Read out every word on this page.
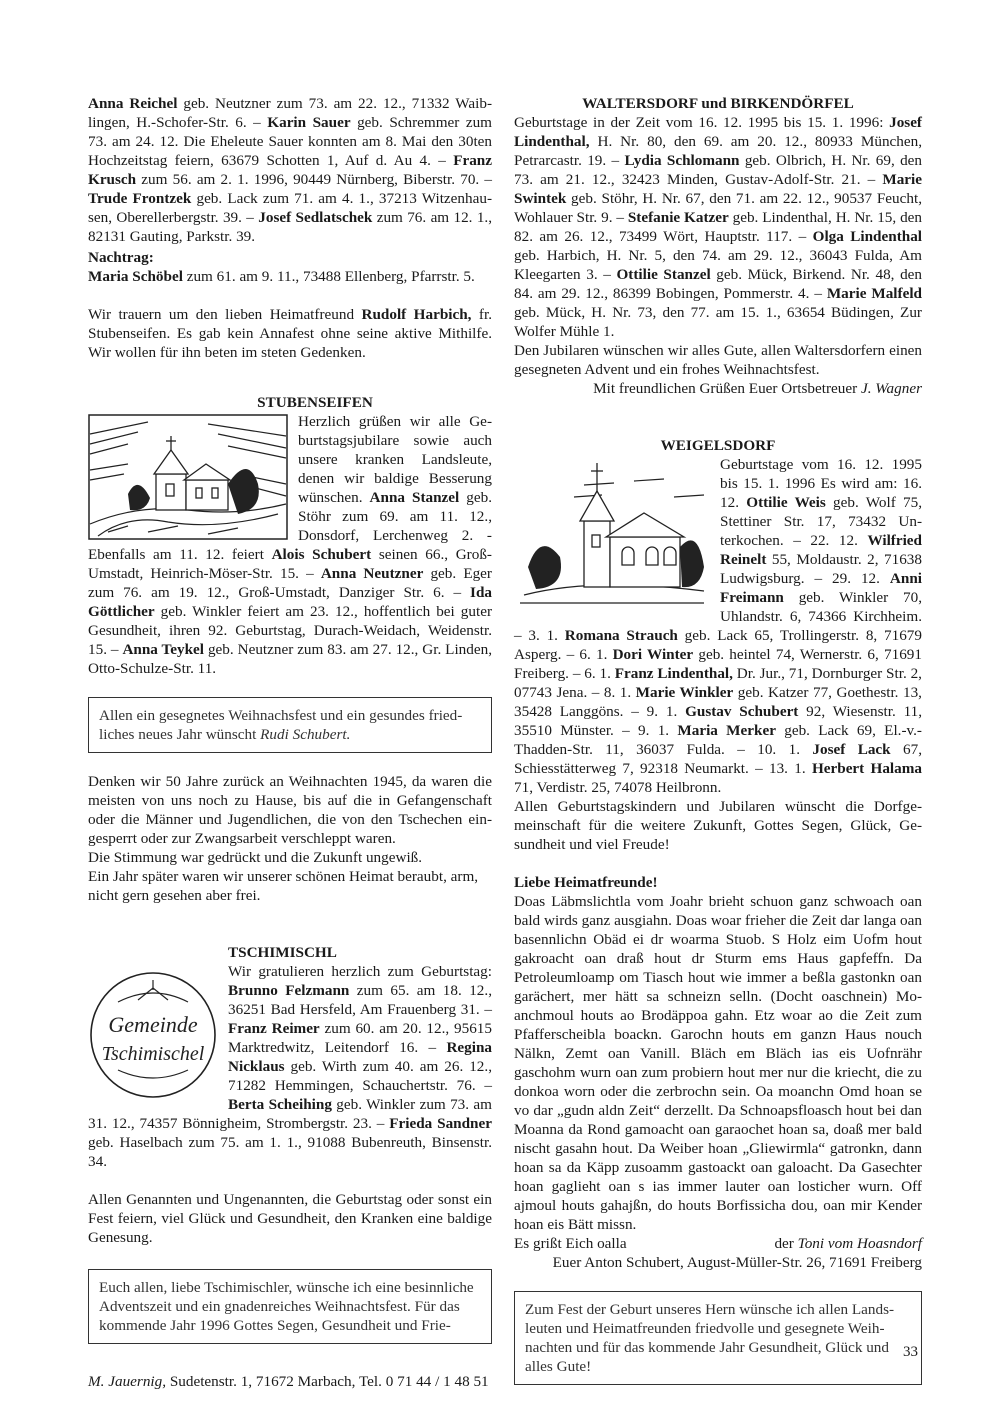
Anna Reichel geb. Neutzner zum 73. am 22. 12., 71332 Waiblingen, H.-Schofer-Str. 6. – Karin Sauer geb. Schremmer zum 73. am 24. 12. Die Eheleute Sauer konnten am 8. Mai den 30ten Hochzeitstag feiern, 63679 Schotten 1, Auf d. Au 4. – Franz Krusch zum 56. am 2. 1. 1996, 90449 Nürnberg, Biberstr. 70. – Trude Frontzek geb. Lack zum 71. am 4. 1., 37213 Witzenhausen, Oberellerbergstr. 39. – Josef Sedlatschek zum 76. am 12. 1., 82131 Gauting, Parkstr. 39.

Nachtrag:

Maria Schöbel zum 61. am 9. 11., 73488 Ellenberg, Pfarrstr. 5.

Wir trauern um den lieben Heimatfreund Rudolf Harbich, fr. Stubenseifen. Es gab kein Annafest ohne seine aktive Mithilfe. Wir wollen für ihn beten im steten Gedenken.

STUBENSEIFEN

Herzlich grüßen wir alle Geburtstagsjubilare sowie auch unsere kranken Landsleute, denen wir baldige Besserung wünschen. Anna Stanzel geb. Stöhr zum 69. am 11. 12., Donsdorf, Lerchenweg 2. - Ebenfalls am 11. 12. feiert Alois Schubert seinen 66., Groß-Umstadt, Heinrich-Möser-Str. 15. – Anna Neutzner geb. Eger zum 76. am 19. 12., Groß-Umstadt, Danziger Str. 6. – Ida Göttlicher geb. Winkler feiert am 23. 12., hoffentlich bei guter Gesundheit, ihren 92. Geburtstag, Durach-Weidach, Weidenstr. 15. – Anna Teykel geb. Neutzner zum 83. am 27. 12., Gr. Linden, Otto-Schulze-Str. 11.

Allen ein gesegnetes Weihnachsfest und ein gesundes friedliches neues Jahr wünscht Rudi Schubert.

Denken wir 50 Jahre zurück an Weihnachten 1945, da waren die meisten von uns noch zu Hause, bis auf die in Gefangenschaft oder die Männer und Jugendlichen, die von den Tschechen eingesperrt oder zur Zwangsarbeit verschleppt waren.

Die Stimmung war gedrückt und die Zukunft ungewiß.

Ein Jahr später waren wir unserer schönen Heimat beraubt, arm, nicht gern gesehen aber frei.

TSCHIMISCHL

Gemeinde
Tschimischel

Wir gratulieren herzlich zum Geburtstag: Brunno Felzmann zum 65. am 18. 12., 36251 Bad Hersfeld, Am Frauenberg 31. – Franz Reimer zum 60. am 20. 12., 95615 Marktredwitz, Leitendorf 16. – Regina Nicklaus geb. Wirth zum 40. am 26. 12., 71282 Hemmingen, Schauchertstr. 76. – Berta Scheihing geb. Winkler zum 73. am 31. 12., 74357 Bönnigheim, Strombergstr. 23. – Frieda Sandner geb. Haselbach zum 75. am 1. 1., 91088 Bubenreuth, Binsenstr. 34.

Allen Genannten und Ungenannten, die Geburtstag oder sonst ein Fest feiern, viel Glück und Gesundheit, den Kranken eine baldige Genesung.

Euch allen, liebe Tschimischler, wünsche ich eine besinnliche Adventszeit und ein gnadenreiches Weihnachtsfest. Für das kommende Jahr 1996 Gottes Segen, Gesundheit und Frie-

M. Jauernig, Sudetenstr. 1, 71672 Marbach, Tel. 0 71 44 / 1 48 51

WALTERSDORF und BIRKENDÖRFEL

Geburtstage in der Zeit vom 16. 12. 1995 bis 15. 1. 1996: Josef Lindenthal, H. Nr. 80, den 69. am 20. 12., 80933 München, Petrarcastr. 19. – Lydia Schlomann geb. Olbrich, H. Nr. 69, den 73. am 21. 12., 32423 Minden, Gustav-Adolf-Str. 21. – Marie Swintek geb. Stöhr, H. Nr. 67, den 71. am 22. 12., 90537 Feucht, Wohlauer Str. 9. – Stefanie Katzer geb. Lindenthal, H. Nr. 15, den 82. am 26. 12., 73499 Wört, Hauptstr. 117. – Olga Lindenthal geb. Harbich, H. Nr. 5, den 74. am 29. 12., 36043 Fulda, Am Kleegarten 3. – Ottilie Stanzel geb. Mück, Birkend. Nr. 48, den 84. am 29. 12., 86399 Bobingen, Pommerstr. 4. – Marie Malfeld geb. Mück, H. Nr. 73, den 77. am 15. 1., 63654 Büdingen, Zur Wolfer Mühle 1.

Den Jubilaren wünschen wir alles Gute, allen Waltersdorfern einen gesegneten Advent und ein frohes Weihnachtsfest.

Mit freundlichen Grüßen Euer Ortsbetreuer J. Wagner

WEIGELSDORF

Geburtstage vom 16. 12. 1995 bis 15. 1. 1996 Es wird am: 16. 12. Ottilie Weis geb. Wolf 75, Stettiner Str. 17, 73432 Unterkochen. – 22. 12. Wilfried Reinelt 55, Moldaustr. 2, 71638 Ludwigsburg. – 29. 12. Anni Freimann geb. Winkler 70, Uhlandstr. 6, 74366 Kirchheim. – 3. 1. Romana Strauch geb. Lack 65, Trollingerstr. 8, 71679 Asperg. – 6. 1. Dori Winter geb. heintel 74, Wernerstr. 6, 71691 Freiberg. – 6. 1. Franz Lindenthal, Dr. Jur., 71, Dornburger Str. 2, 07743 Jena. – 8. 1. Marie Winkler geb. Katzer 77, Goethestr. 13, 35428 Langgöns. – 9. 1. Gustav Schubert 92, Wiesenstr. 11, 35510 Münster. – 9. 1. Maria Merker geb. Lack 69, El.-v.-Thadden-Str. 11, 36037 Fulda. – 10. 1. Josef Lack 67, Schiesstätterweg 7, 92318 Neumarkt. – 13. 1. Herbert Halama 71, Verdistr. 25, 74078 Heilbronn.

Allen Geburtstagskindern und Jubilaren wünscht die Dorfgemeinschaft für die weitere Zukunft, Gottes Segen, Glück, Gesundheit und viel Freude!

Liebe Heimatfreunde!

Doas Läbmslichtla vom Joahr brieht schuon ganz schwoach oan bald wirds ganz ausgiahn. Doas woar frieher die Zeit dar langa oan basennlichn Obäd ei dr woarma Stuob. S Holz eim Uofm hout gakroacht oan draß hout dr Sturm ems Haus gapfeffn. Da Petroleumloamp om Tiasch hout wie immer a beßla gastonkn oan garächert, mer hätt sa schneizn selln. (Docht oaschnein) Moanchmoul houts ao Brodäppoa gahn. Etz woar ao die Zeit zum Pfafferscheibla boackn. Garochn houts em ganzn Haus nouch Nälkn, Zemt oan Vanill. Bläch em Bläch ias eis Uofnrähr gaschohm wurn oan zum probiern hout mer nur die kriecht, die zu donkoa worn oder die zerbrochn sein. Oa moanchn Omd hoan se vo dar „gudn aldn Zeit“ derzellt. Da Schnoapsfloasch hout bei dan Moanna da Rond gamoacht oan garaochet hoan sa, doaß mer bald nischt gasahn hout. Da Weiber hoan „Gliewirmla“ gatronkn, dann hoan sa da Käpp zusoamm gastoackt oan galoacht. Da Gasechter hoan gaglieht oan s ias immer lauter oan losticher wurn. Off ajmoul houts gahajßn, do houts Borfissicha dou, oan mir Kender hoan eis Bätt missn.

Es grißt Eich oalla	der Toni vom Hoasndorf

Euer Anton Schubert, August-Müller-Str. 26, 71691 Freiberg

Zum Fest der Geburt unseres Hern wünsche ich allen Landsleuten und Heimatfreunden friedvolle und gesegnete Weihnachten und für das kommende Jahr Gesundheit, Glück und alles Gute!

33
